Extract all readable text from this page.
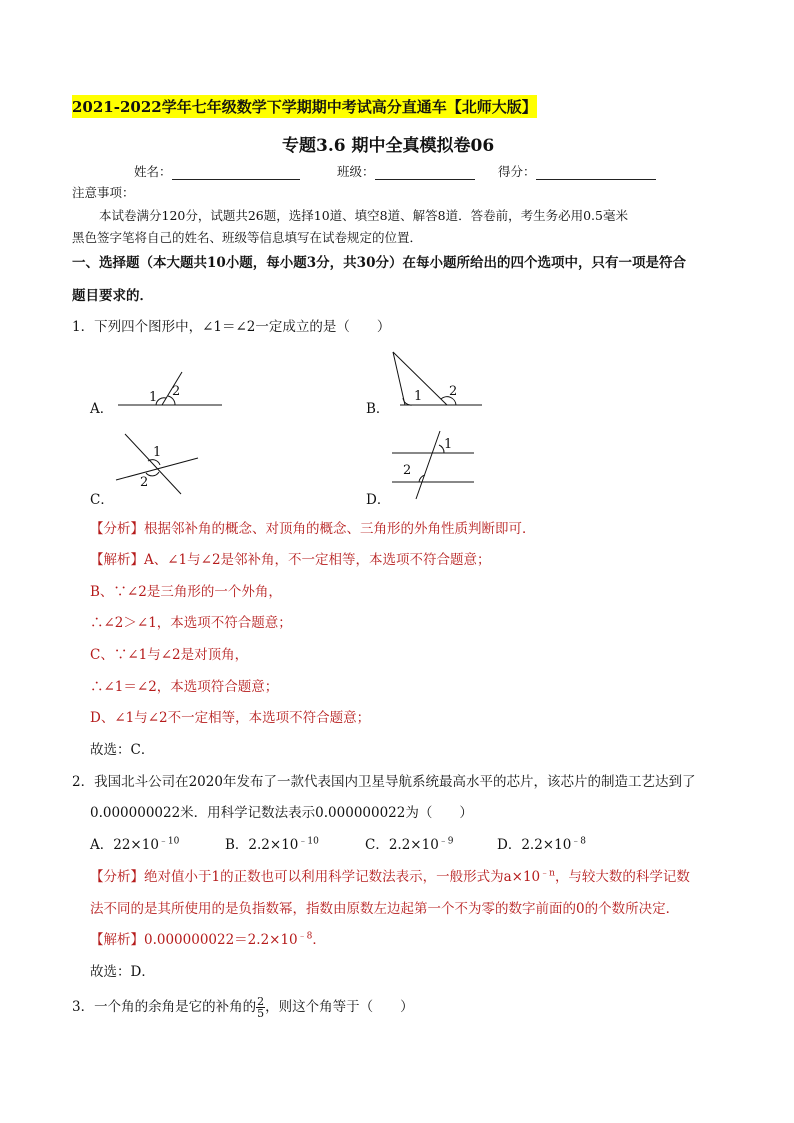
2021-2022学年七年级数学下学期期中考试高分直通车【北师大版】
专题3.6 期中全真模拟卷06
姓名：	班级：	得分：
注意事项：
本试卷满分120分，试题共26题，选择10道、填空8道、解答8道．答卷前，考生务必用0.5毫米
黑色签字笔将自己的姓名、班级等信息填写在试卷规定的位置．
一、选择题（本大题共10小题，每小题3分，共30分）在每小题所给出的四个选项中，只有一项是符合
题目要求的．
1．下列四个图形中，∠1＝∠2一定成立的是（　　）
A．
1 2
B．
1 2
C．
1
2
D．
1
2
【分析】根据邻补角的概念、对顶角的概念、三角形的外角性质判断即可．
【解析】A、∠1与∠2是邻补角，不一定相等，本选项不符合题意；
B、∵∠2是三角形的一个外角，
∴∠2＞∠1，本选项不符合题意；
C、∵∠1与∠2是对顶角，
∴∠1＝∠2，本选项符合题意；
D、∠1与∠2不一定相等，本选项不符合题意；
故选：C．
2．我国北斗公司在2020年发布了一款代表国内卫星导航系统最高水平的芯片，该芯片的制造工艺达到了
0.000000022米．用科学记数法表示0.000000022为（　　）
A．$22\times 10^{﹣10}$	B．$2.2\times 10^{﹣10}$	C．$2.2\times 10^{﹣9}$	D．$2.2\times 10^{﹣8}$
【分析】绝对值小于1的正数也可以利用科学记数法表示，一般形式为$a\times 10^{﹣n}$，与较大数的科学记数
法不同的是其所使用的是负指数幂，指数由原数左边起第一个不为零的数字前面的0的个数所决定．
【解析】$0.000000022=2.2\times 10^{﹣8}$．
故选：D．
3．一个角的余角是它的补角的 $\frac{2}{5}$ ，则这个角等于（　　）
